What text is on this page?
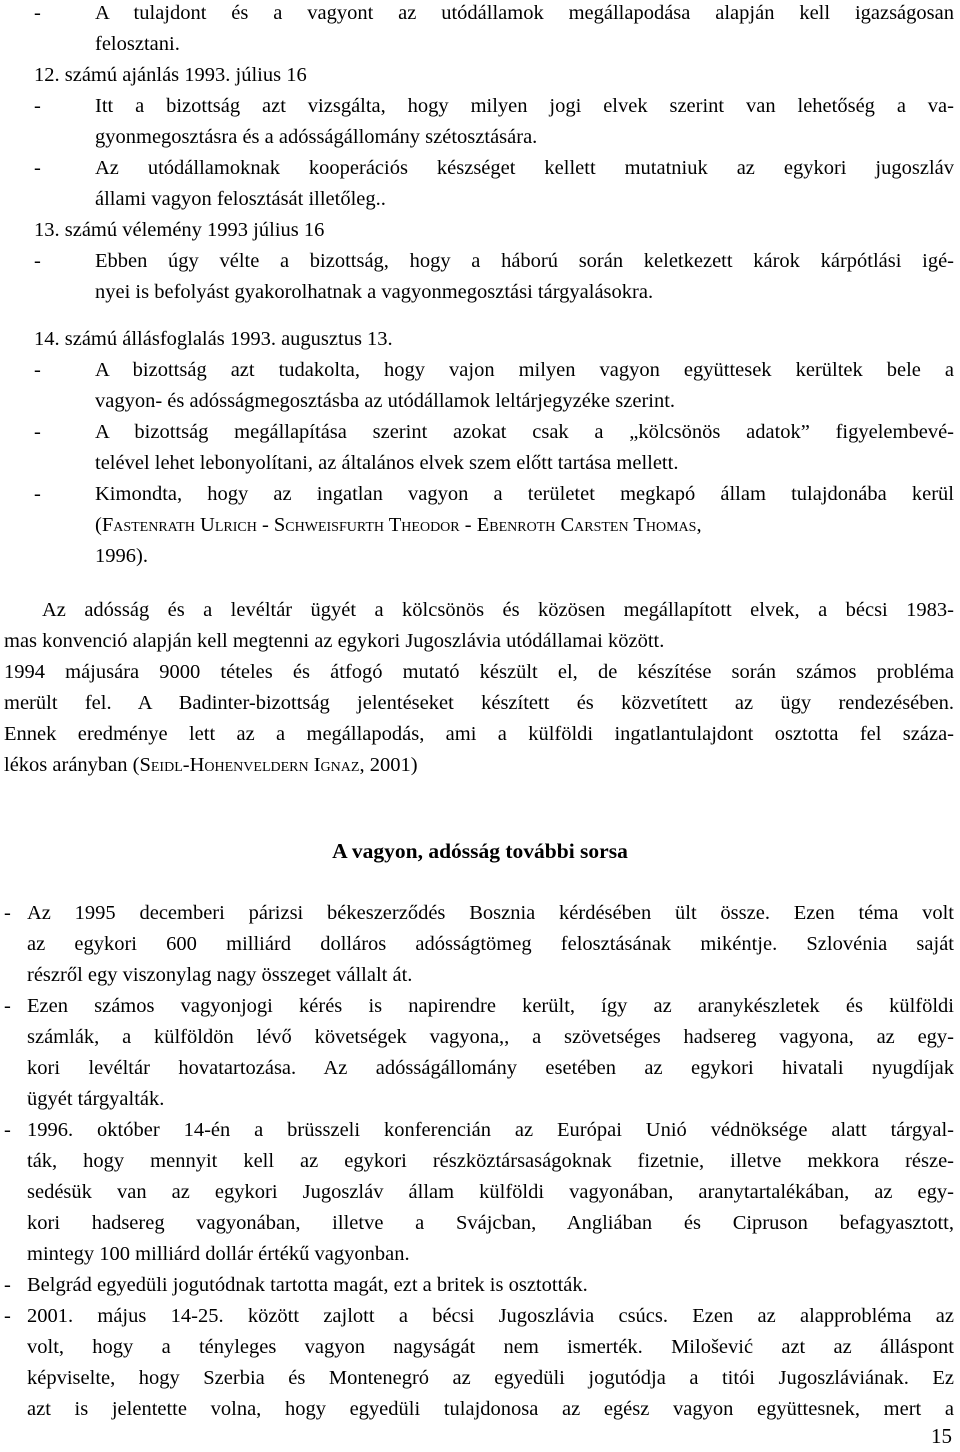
-	A tulajdont és a vagyont az utódállamok megállapodása alapján kell igazságosan

felosztani.

12. számú ajánlás 1993. július 16

-	Itt a bizottság azt vizsgálta, hogy milyen jogi elvek szerint van lehetőség a va-

gyonmegosztásra és a adósságállomány szétosztására.

-	Az utódállamoknak kooperációs készséget kellett mutatniuk az egykori jugoszláv

állami vagyon felosztását illetőleg..

13. számú vélemény 1993 július 16

-	Ebben úgy vélte a bizottság, hogy a háború során keletkezett károk kárpótlási igé-

nyei is befolyást gyakorolhatnak a vagyonmegosztási tárgyalásokra.

14. számú állásfoglalás 1993. augusztus 13.

-	A bizottság azt tudakolta, hogy vajon milyen vagyon együttesek kerültek bele a

vagyon- és adósságmegosztásba az utódállamok leltárjegyzéke szerint.

-	A bizottság megállapítása szerint azokat csak a „kölcsönös adatok” figyelembevé-

telével lehet lebonyolítani, az általános elvek szem előtt tartása mellett.

-	Kimondta, hogy az ingatlan vagyon a területet megkapó állam tulajdonába kerül

(Fastenrath Ulrich - Schweisfurth Theodor - Ebenroth Carsten Thomas,

1996).

Az adósság és a levéltár ügyét a kölcsönös és közösen megállapított elvek, a bécsi 1983-

mas konvenció alapján kell megtenni az egykori Jugoszlávia utódállamai között.

1994 májusára 9000 tételes és átfogó mutató készült el, de készítése során számos probléma

merült fel. A Badinter-bizottság jelentéseket készített és közvetített az ügy rendezésében.

Ennek eredménye lett az a megállapodás, ami a külföldi ingatlantulajdont osztotta fel száza-

lékos arányban (Seidl-Hohenveldern Ignaz, 2001)

A vagyon, adósság további sorsa
- Az 1995 decemberi párizsi békeszerződés Bosznia kérdésében ült össze. Ezen téma volt

az egykori 600 milliárd dolláros adósságtömeg felosztásának mikéntje. Szlovénia saját

részről egy viszonylag nagy összeget vállalt át.

- Ezen számos vagyonjogi kérés is napirendre került, így az aranykészletek és külföldi

számlák, a külföldön lévő követségek vagyona,, a szövetséges hadsereg vagyona, az egy-

kori levéltár hovatartozása. Az adósságállomány esetében az egykori hivatali nyugdíjak

ügyét tárgyalták.

- 1996. október 14-én a brüsszeli konferencián az Európai Unió védnöksége alatt tárgyal-

ták, hogy mennyit kell az egykori részköztársaságoknak fizetnie, illetve mekkora része-

sedésük van az egykori Jugoszláv állam külföldi vagyonában, aranytartalékában, az egy-

kori hadsereg vagyonában, illetve a Svájcban, Angliában és Cipruson befagyasztott,

mintegy 100 milliárd dollár értékű vagyonban.

- Belgrád egyedüli jogutódnak tartotta magát, ezt a britek is osztották.

- 2001. május 14-25. között zajlott a bécsi Jugoszlávia csúcs. Ezen az alapprobléma az

volt, hogy a tényleges vagyon nagyságát nem ismerték. Milošević azt az álláspont

képviselte, hogy Szerbia és Montenegró az egyedüli jogutódja a titói Jugoszláviának. Ez

azt is jelentette volna, hogy egyedüli tulajdonosa az egész vagyon együttesnek, mert a

15
